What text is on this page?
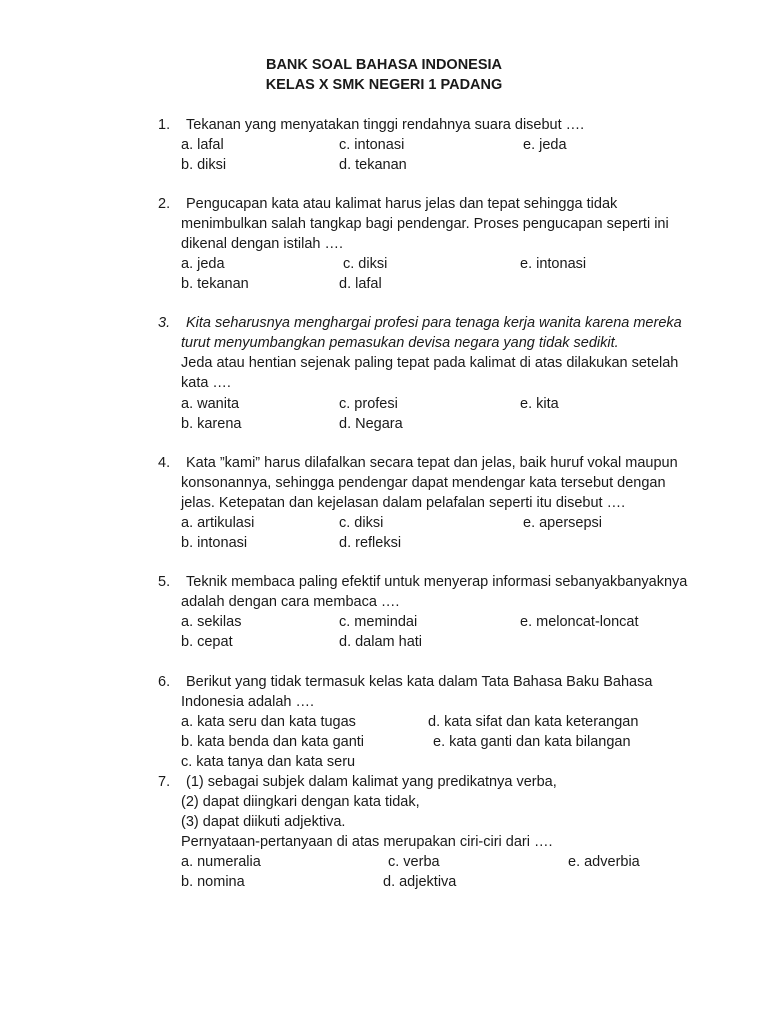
BANK SOAL BAHASA INDONESIA
KELAS X SMK NEGERI 1 PADANG
1. Tekanan yang menyatakan tinggi rendahnya suara disebut ….
a. lafal	c. intonasi	e. jeda
b. diksi	d. tekanan
2. Pengucapan kata atau kalimat harus jelas dan tepat sehingga tidak
menimbulkan salah tangkap bagi pendengar. Proses pengucapan seperti ini
dikenal dengan istilah ….
a. jeda	c. diksi	e. intonasi
b. tekanan	d. lafal
3. Kita seharusnya menghargai profesi para tenaga kerja wanita karena mereka
turut menyumbangkan pemasukan devisa negara yang tidak sedikit.
Jeda atau hentian sejenak paling tepat pada kalimat di atas dilakukan setelah
kata ….
a. wanita	c. profesi	e. kita
b. karena	d. Negara
4. Kata ”kami” harus dilafalkan secara tepat dan jelas, baik huruf vokal maupun
konsonannya, sehingga pendengar dapat mendengar kata tersebut dengan
jelas. Ketepatan dan kejelasan dalam pelafalan seperti itu disebut ….
a. artikulasi	c. diksi	e. apersepsi
b. intonasi	d. refleksi
5. Teknik membaca paling efektif untuk menyerap informasi sebanyakbanyaknya
adalah dengan cara membaca ….
a. sekilas	c. memindai	e. meloncat-loncat
b. cepat	d. dalam hati
6. Berikut yang tidak termasuk kelas kata dalam Tata Bahasa Baku Bahasa
Indonesia adalah ….
a. kata seru dan kata tugas	d. kata sifat dan kata keterangan
b. kata benda dan kata ganti	e. kata ganti dan kata bilangan
c. kata tanya dan kata seru
7. (1) sebagai subjek dalam kalimat yang predikatnya verba,
(2) dapat diingkari dengan kata tidak,
(3) dapat diikuti adjektiva.
Pernyataan-pertanyaan di atas merupakan ciri-ciri dari ….
a. numeralia	c. verba	e. adverbia
b. nomina	d. adjektiva
